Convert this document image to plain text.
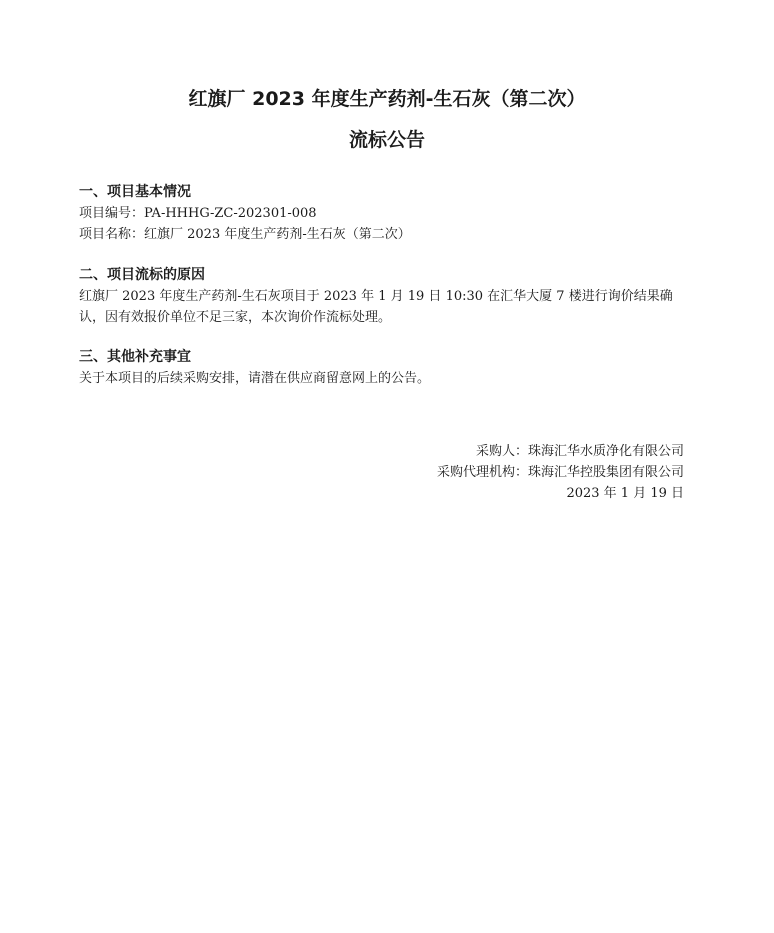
红旗厂 2023 年度生产药剂-生石灰（第二次）
流标公告
一、项目基本情况

项目编号：PA-HHHG-ZC-202301-008

项目名称：红旗厂 2023 年度生产药剂-生石灰（第二次）

二、项目流标的原因

红旗厂 2023 年度生产药剂-生石灰项目于 2023 年 1 月 19 日 10:30 在汇华大厦 7 楼进行询价结果确认，因有效报价单位不足三家，本次询价作流标处理。

三、其他补充事宜

关于本项目的后续采购安排，请潜在供应商留意网上的公告。

采购人：珠海汇华水质净化有限公司
采购代理机构：珠海汇华控股集团有限公司
2023 年 1 月 19 日
